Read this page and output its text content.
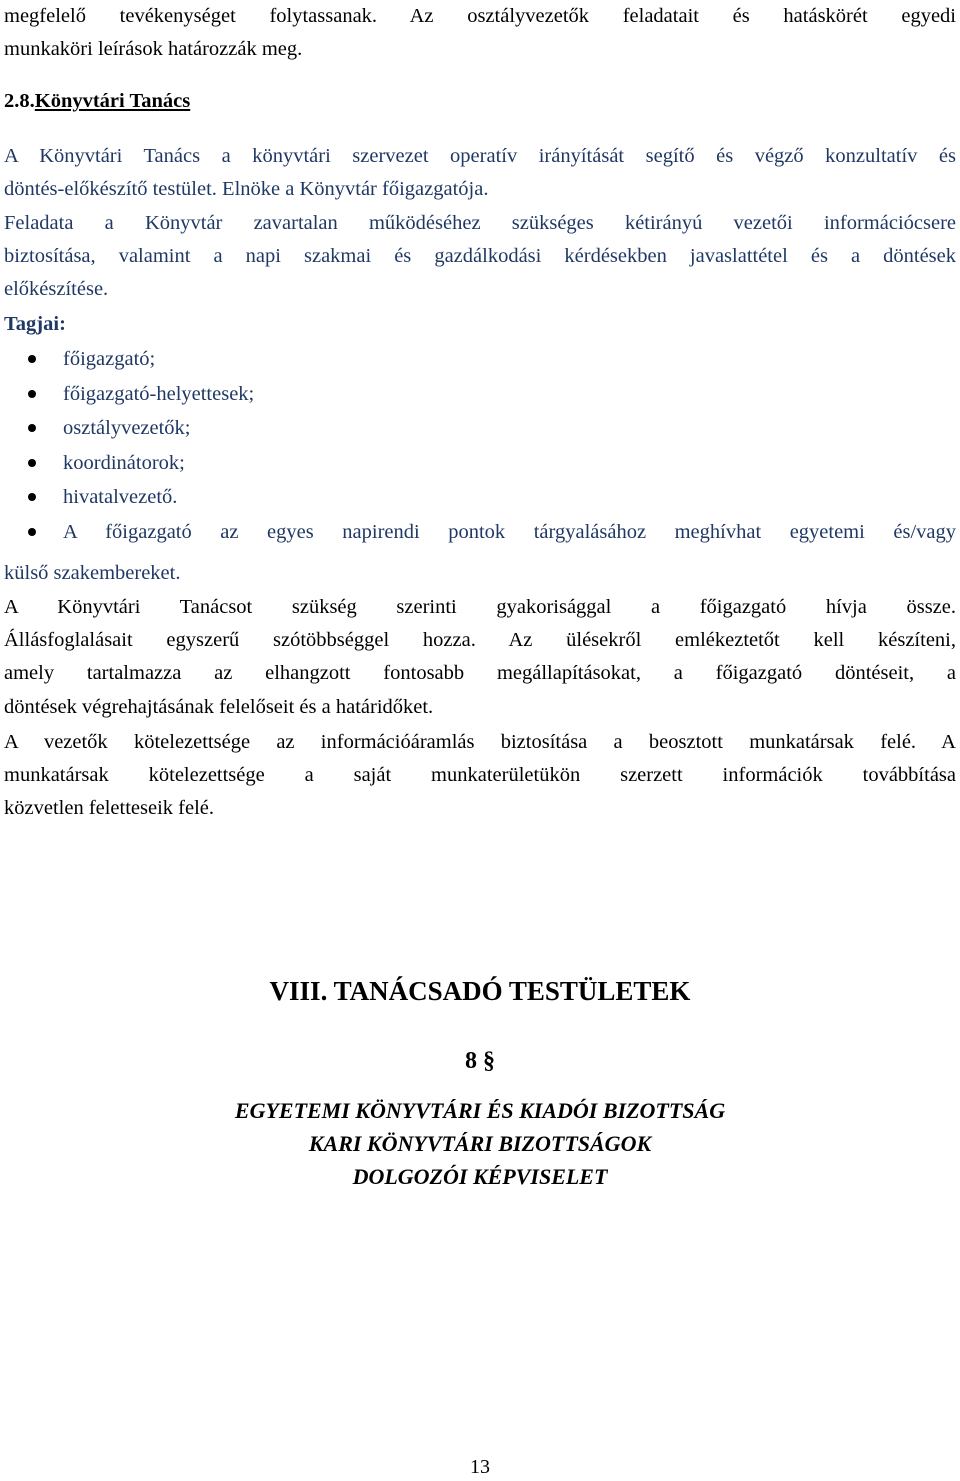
megfelelő tevékenységet folytassanak. Az osztályvezetők feladatait és hatáskörét egyedi
munkaköri leírások határozzák meg.
2.8.Könyvtári Tanács
A Könyvtári Tanács a könyvtári szervezet operatív irányítását segítő és végző konzultatív és
döntés-előkészítő testület. Elnöke a Könyvtár főigazgatója.
Feladata a Könyvtár zavartalan működéséhez szükséges kétirányú vezetői információcsere
biztosítása, valamint a napi szakmai és gazdálkodási kérdésekben javaslattétel és a döntések
előkészítése.
Tagjai:
főigazgató;
főigazgató-helyettesek;
osztályvezetők;
koordinátorok;
hivatalvezető.
A főigazgató az egyes napirendi pontok tárgyalásához meghívhat egyetemi és/vagy
külső szakembereket.
A Könyvtári Tanácsot szükség szerinti gyakorisággal a főigazgató hívja össze.
Állásfoglalásait egyszerű szótöbbséggel hozza. Az ülésekről emlékeztetőt kell készíteni,
amely tartalmazza az elhangzott fontosabb megállapításokat, a főigazgató döntéseit, a
döntések végrehajtásának felelőseit és a határidőket.
A vezetők kötelezettsége az információáramlás biztosítása a beosztott munkatársak felé. A
munkatársak kötelezettsége a saját munkaterületükön szerzett információk továbbítása
közvetlen feletteseik felé.
VIII. TANÁCSADÓ TESTÜLETEK
8 §
EGYETEMI KÖNYVTÁRI ÉS KIADÓI BIZOTTSÁG
KARI KÖNYVTÁRI BIZOTTSÁGOK
DOLGOZÓI KÉPVISELET
13
